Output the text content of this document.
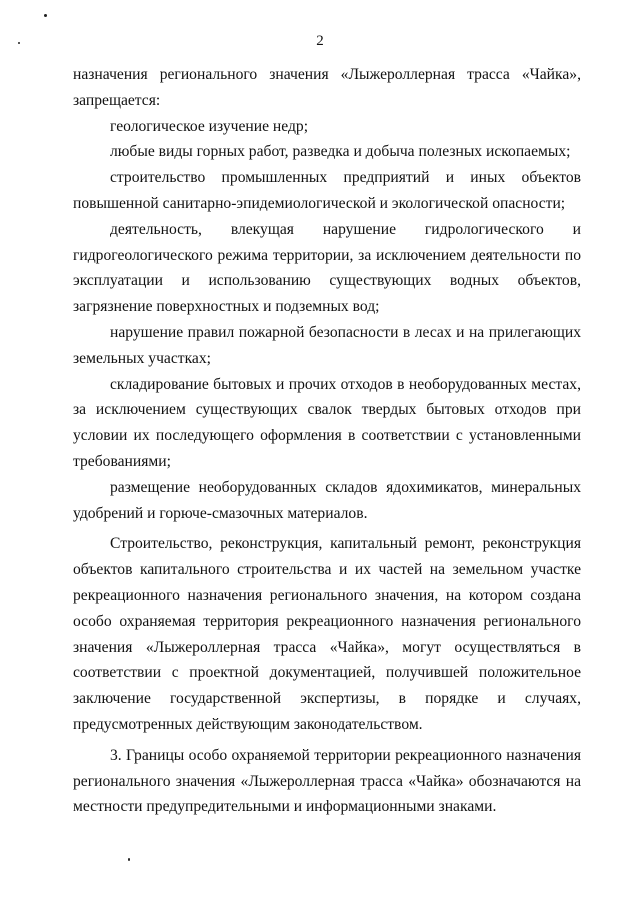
2

назначения регионального значения «Лыжероллерная трасса «Чайка», запрещается:

геологическое изучение недр;

любые виды горных работ, разведка и добыча полезных ископаемых;

строительство промышленных предприятий и иных объектов повышенной санитарно-эпидемиологической и экологической опасности;

деятельность, влекущая нарушение гидрологического и гидрогеологического режима территории, за исключением деятельности по эксплуатации и использованию существующих водных объектов, загрязнение поверхностных и подземных вод;

нарушение правил пожарной безопасности в лесах и на прилегающих земельных участках;

складирование бытовых и прочих отходов в необорудованных местах, за исключением существующих свалок твердых бытовых отходов при условии их последующего оформления в соответствии с установленными требованиями;

размещение необорудованных складов ядохимикатов, минеральных удобрений и горюче-смазочных материалов.

Строительство, реконструкция, капитальный ремонт, реконструкция объектов капитального строительства и их частей на земельном участке рекреационного назначения регионального значения, на котором создана особо охраняемая территория рекреационного назначения регионального значения «Лыжероллерная трасса «Чайка», могут осуществляться в соответствии с проектной документацией, получившей положительное заключение государственной экспертизы, в порядке и случаях, предусмотренных действующим законодательством.

3. Границы особо охраняемой территории рекреационного назначения регионального значения «Лыжероллерная трасса «Чайка» обозначаются на местности предупредительными и информационными знаками.
